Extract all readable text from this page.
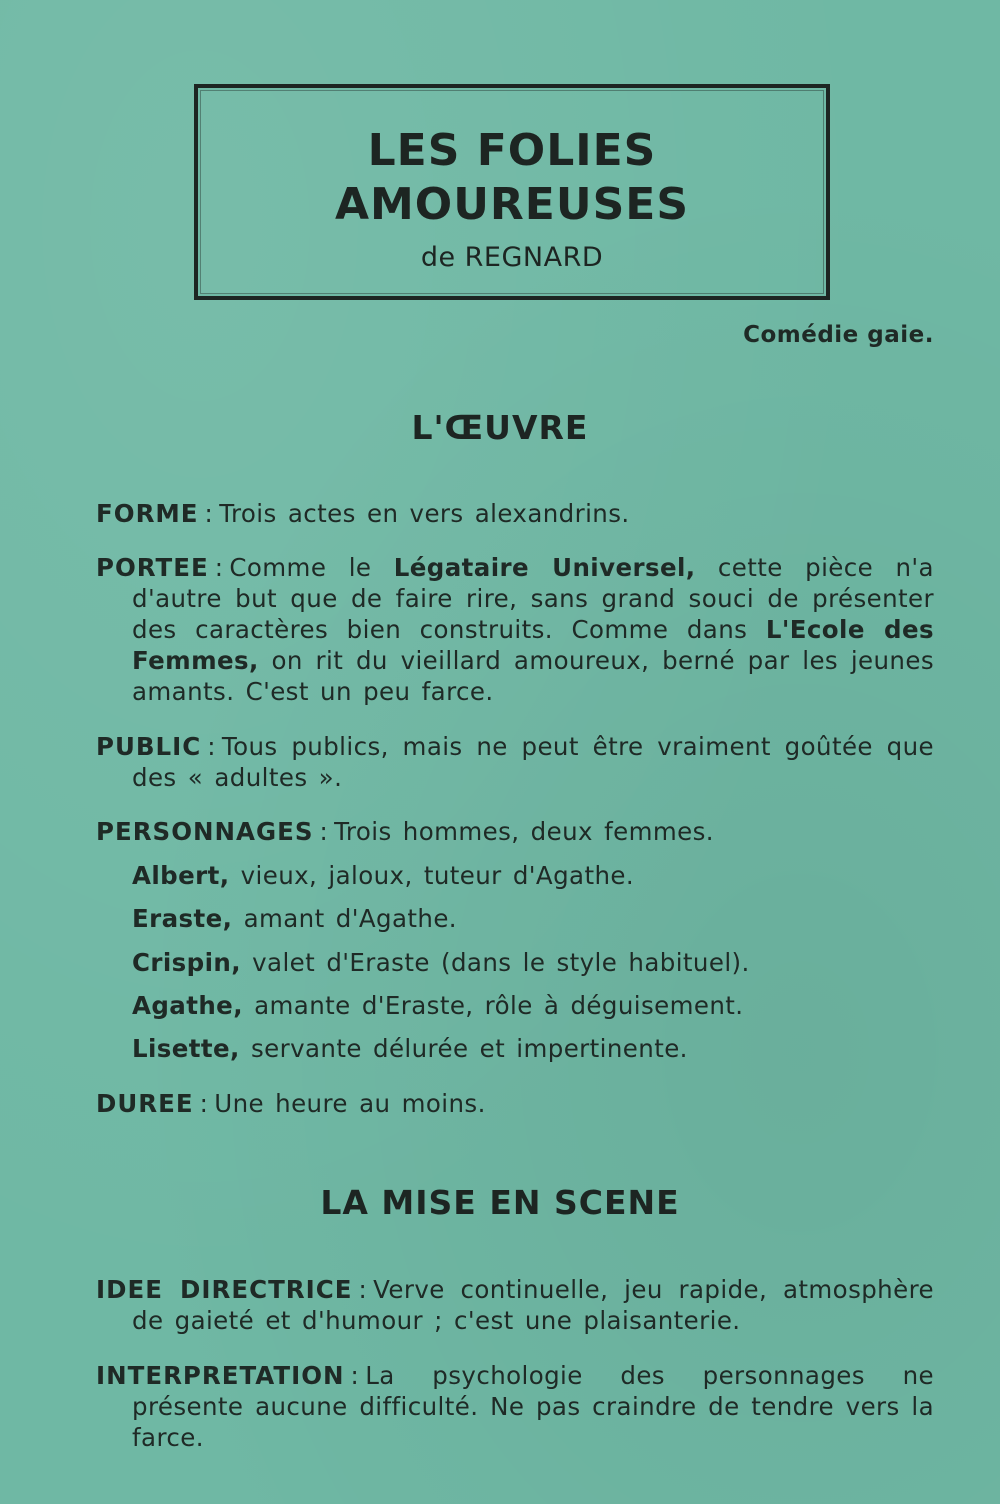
LES FOLIES
AMOUREUSES
de REGNARD
Comédie gaie.
L'ŒUVRE
FORME : Trois actes en vers alexandrins.
PORTEE : Comme le Légataire Universel, cette pièce n'a d'autre but que de faire rire, sans grand souci de présenter des caractères bien construits. Comme dans L'Ecole des Femmes, on rit du vieillard amoureux, berné par les jeunes amants. C'est un peu farce.
PUBLIC : Tous publics, mais ne peut être vraiment goûtée que des « adultes ».
PERSONNAGES : Trois hommes, deux femmes.
Albert, vieux, jaloux, tuteur d'Agathe.
Eraste, amant d'Agathe.
Crispin, valet d'Eraste (dans le style habituel).
Agathe, amante d'Eraste, rôle à déguisement.
Lisette, servante délurée et impertinente.
DUREE : Une heure au moins.
LA MISE EN SCENE
IDEE DIRECTRICE : Verve continuelle, jeu rapide, atmosphère de gaieté et d'humour ; c'est une plaisanterie.
INTERPRETATION : La psychologie des personnages ne présente aucune difficulté. Ne pas craindre de tendre vers la farce.
